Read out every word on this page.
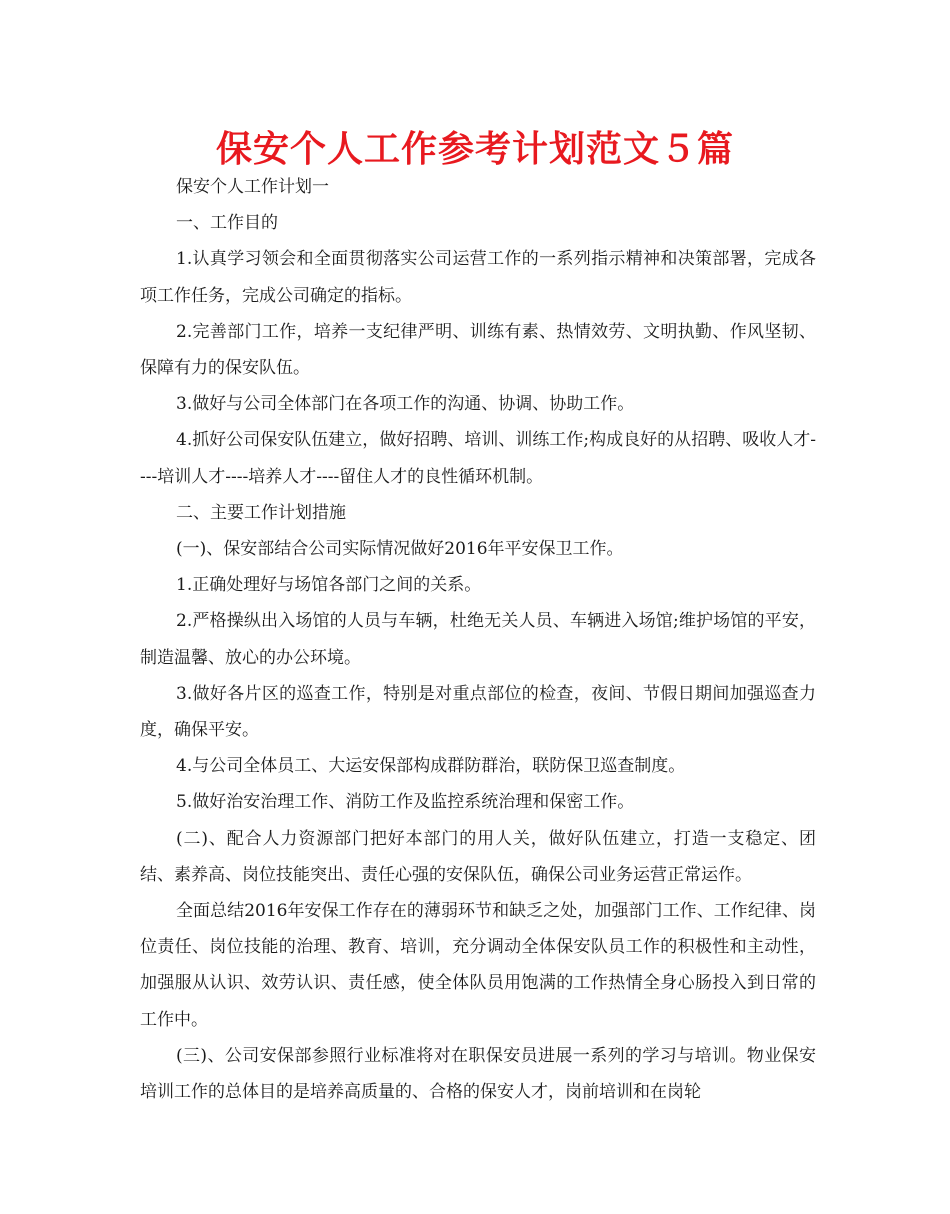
保安个人工作参考计划范文５篇

保安个人工作计划一

一、工作目的

1.认真学习领会和全面贯彻落实公司运营工作的一系列指示精神和决策部署，完成各项工作任务，完成公司确定的指标。

2.完善部门工作，培养一支纪律严明、训练有素、热情效劳、文明执勤、作风坚韧、保障有力的保安队伍。

3.做好与公司全体部门在各项工作的沟通、协调、协助工作。

4.抓好公司保安队伍建立，做好招聘、培训、训练工作;构成良好的从招聘、吸收人才----培训人才----培养人才----留住人才的良性循环机制。

二、主要工作计划措施

(一)、保安部结合公司实际情况做好2016年平安保卫工作。

1.正确处理好与场馆各部门之间的关系。

2.严格操纵出入场馆的人员与车辆，杜绝无关人员、车辆进入场馆;维护场馆的平安，制造温馨、放心的办公环境。

3.做好各片区的巡查工作，特别是对重点部位的检查，夜间、节假日期间加强巡查力度，确保平安。

4.与公司全体员工、大运安保部构成群防群治，联防保卫巡查制度。

5.做好治安治理工作、消防工作及监控系统治理和保密工作。

(二)、配合人力资源部门把好本部门的用人关，做好队伍建立，打造一支稳定、团结、素养高、岗位技能突出、责任心强的安保队伍，确保公司业务运营正常运作。

全面总结2016年安保工作存在的薄弱环节和缺乏之处，加强部门工作、工作纪律、岗位责任、岗位技能的治理、教育、培训，充分调动全体保安队员工作的积极性和主动性，加强服从认识、效劳认识、责任感，使全体队员用饱满的工作热情全身心肠投入到日常的工作中。

(三)、公司安保部参照行业标准将对在职保安员进展一系列的学习与培训。物业保安培训工作的总体目的是培养高质量的、合格的保安人才，岗前培训和在岗轮
